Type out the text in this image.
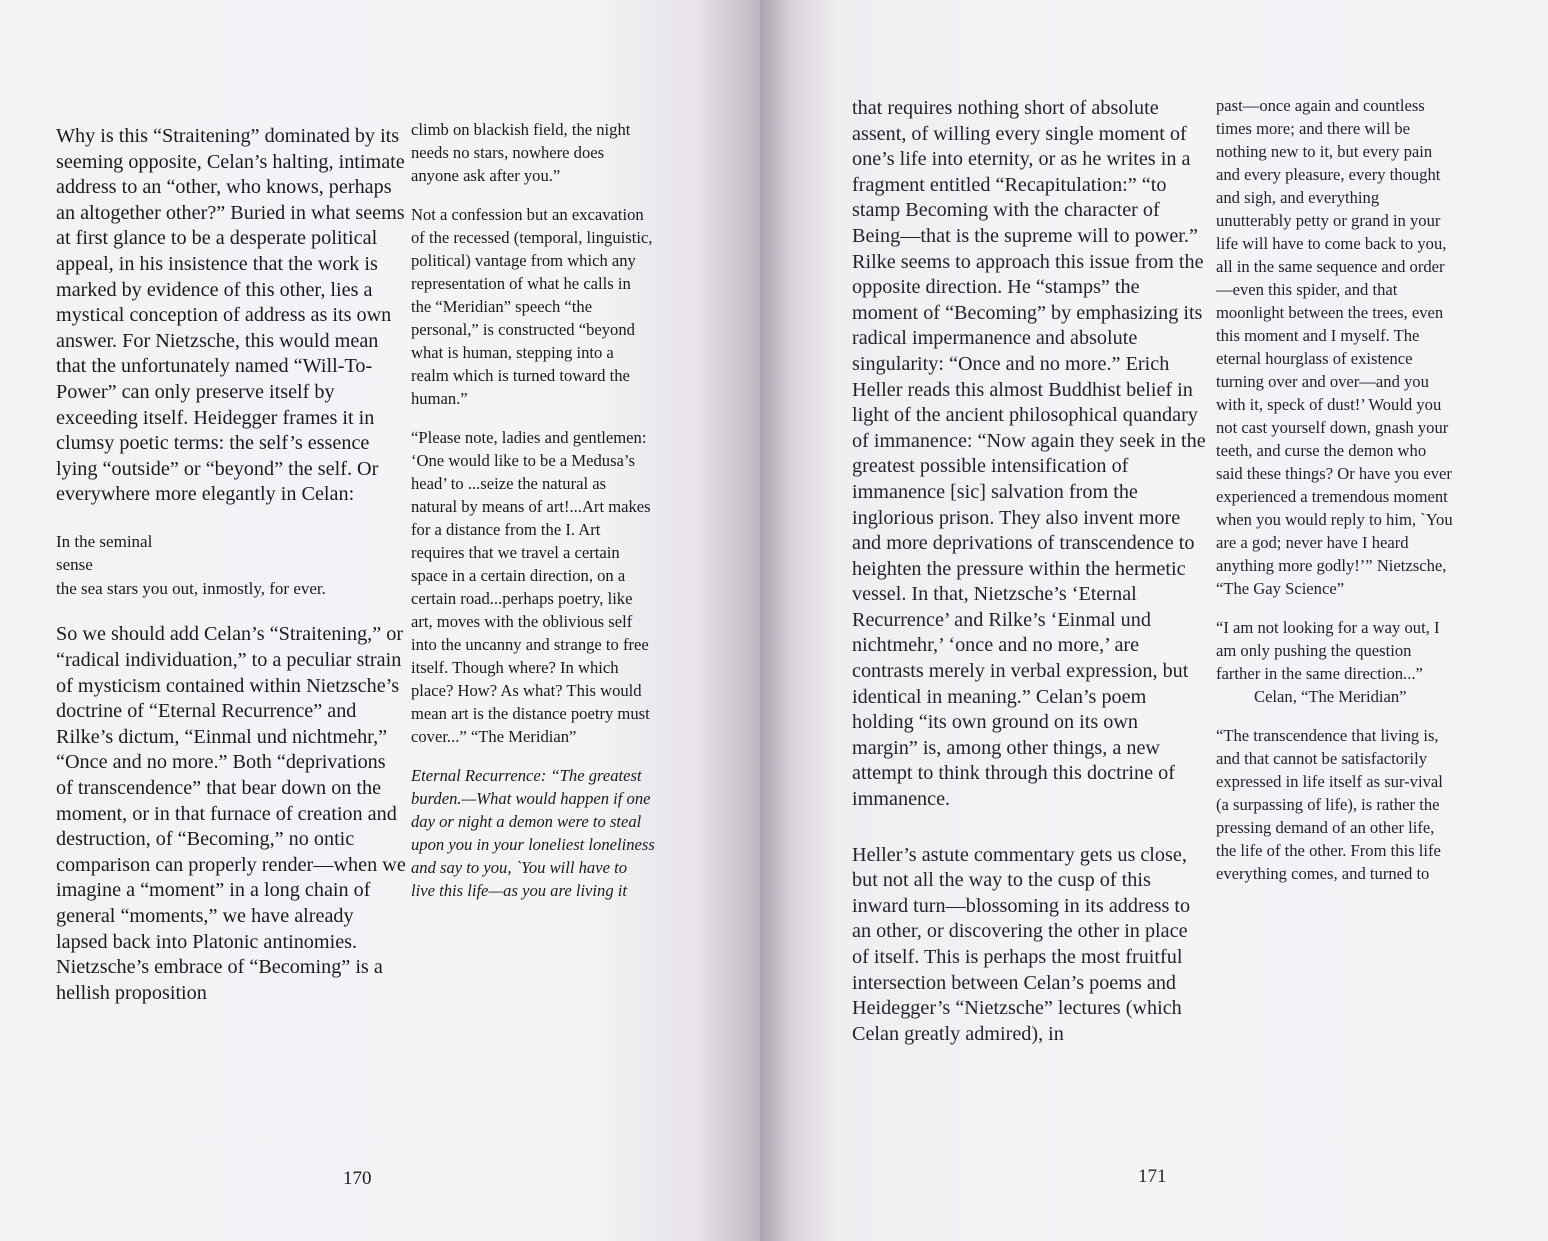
Why is this “Straitening” dominated by its seeming opposite, Celan’s halting, intimate address to an “other, who knows, perhaps an altogether other?” Buried in what seems at first glance to be a desperate political appeal, in his insistence that the work is marked by evidence of this other, lies a mystical conception of address as its own answer. For Nietzsche, this would mean that the unfortunately named “Will-To-Power” can only preserve itself by exceeding itself. Heidegger frames it in clumsy poetic terms: the self’s essence lying “outside” or “beyond” the self. Or everywhere more elegantly in Celan:

In the seminal

sense

the sea stars you out, inmostly, for ever.

So we should add Celan’s “Straitening,” or “radical individuation,” to a peculiar strain of mysticism contained within Nietzsche’s doctrine of “Eternal Recurrence” and Rilke’s dictum, “Einmal und nichtmehr,” “Once and no more.” Both “deprivations of transcendence” that bear down on the moment, or in that furnace of creation and destruction, of “Becoming,” no ontic comparison can properly render—when we imagine a “moment” in a long chain of general “moments,” we have already lapsed back into Platonic antinomies. Nietzsche’s embrace of “Becoming” is a hellish proposition

climb on blackish field, the night needs no stars, nowhere does anyone ask after you.”

Not a confession but an excavation of the recessed (temporal, linguistic, political) vantage from which any representation of what he calls in the “Meridian” speech “the personal,” is constructed “beyond what is human, stepping into a realm which is turned toward the human.”

“Please note, ladies and gentlemen: ‘One would like to be a Medusa’s head’ to ...seize the natural as natural by means of art!...Art makes for a distance from the I. Art requires that we travel a certain space in a certain direction, on a certain road...perhaps poetry, like art, moves with the oblivious self into the uncanny and strange to free itself. Though where? In which place? How? As what? This would mean art is the distance poetry must cover...” “The Meridian”

Eternal Recurrence: “The greatest burden.—What would happen if one day or night a demon were to steal upon you in your loneliest loneliness and say to you, `You will have to live this life—as you are living it

170

that requires nothing short of absolute assent, of willing every single moment of one’s life into eternity, or as he writes in a fragment entitled “Recapitulation:” “to stamp Becoming with the character of Being—that is the supreme will to power.” Rilke seems to approach this issue from the opposite direction. He “stamps” the moment of “Becoming” by emphasizing its radical impermanence and absolute singularity: “Once and no more.” Erich Heller reads this almost Buddhist belief in light of the ancient philosophical quandary of immanence: “Now again they seek in the greatest possible intensification of immanence [sic] salvation from the inglorious prison. They also invent more and more deprivations of transcendence to heighten the pressure within the hermetic vessel. In that, Nietzsche’s ‘Eternal Recurrence’ and Rilke’s ‘Einmal und nichtmehr,’ ‘once and no more,’ are contrasts merely in verbal expression, but identical in meaning.” Celan’s poem holding “its own ground on its own margin” is, among other things, a new attempt to think through this doctrine of immanence.

Heller’s astute commentary gets us close, but not all the way to the cusp of this inward turn—blossoming in its address to an other, or discovering the other in place of itself. This is perhaps the most fruitful intersection between Celan’s poems and Heidegger’s “Nietzsche” lectures (which Celan greatly admired), in

past—once again and countless times more; and there will be nothing new to it, but every pain and every pleasure, every thought and sigh, and everything unutterably petty or grand in your life will have to come back to you, all in the same sequence and order—even this spider, and that moonlight between the trees, even this moment and I myself. The eternal hourglass of existence turning over and over—and you with it, speck of dust!’ Would you not cast yourself down, gnash your teeth, and curse the demon who said these things? Or have you ever experienced a tremendous moment when you would reply to him, `You are a god; never have I heard anything more godly!’” Nietzsche, “The Gay Science”

“I am not looking for a way out, I am only pushing the question farther in the same direction...”

Celan, “The Meridian”

“The transcendence that living is, and that cannot be satisfactorily expressed in life itself as sur-vival (a surpassing of life), is rather the pressing demand of an other life, the life of the other. From this life everything comes, and turned to

171
